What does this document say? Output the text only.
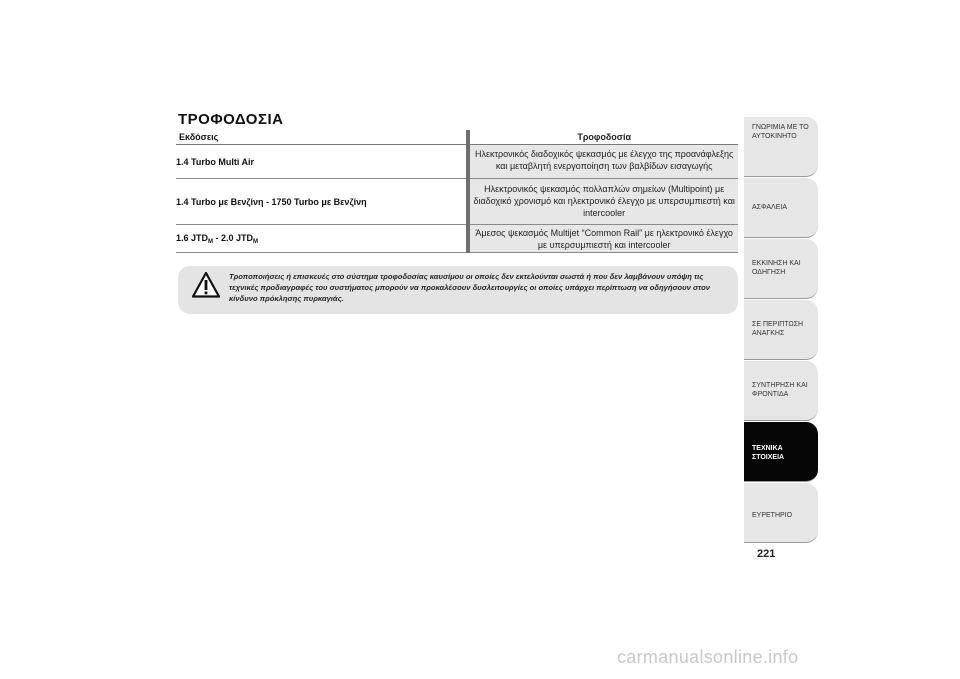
ΤΡΟΦΟΔΟΣΙΑ
Εκδόσεις	Τροφοδοσία
1.4 Turbo Multi Air	Ηλεκτρονικός διαδοχικός ψεκασμός με έλεγχο της προανάφλεξης και μεταβλητή ενεργοποίηση των βαλβίδων εισαγωγής
1.4 Turbo με Βενζίνη - 1750 Turbo με Βενζίνη	Ηλεκτρονικός ψεκασμός πολλαπλών σημείων (Multipoint) με διαδοχικό χρονισμό και ηλεκτρονικό έλεγχο με υπερσυμπιεστή και intercooler
1.6 $JTD_M - 2.0$ $JTD_M$	Άμεσος ψεκασμός Multijet “Common Rail” με ηλεκτρονικό έλεγχο με υπερσυμπιεστή και intercooler
Τροποποιήσεις ή επισκευές στο σύστημα τροφοδοσίας καυσίμου οι οποίες δεν εκτελούνται σωστά ή που δεν λαμβάνουν υπόψη τις τεχνικές προδιαγραφές του συστήματος μπορούν να προκαλέσουν δυσλειτουργίες οι οποίες υπάρχει περίπτωση να οδηγήσουν στον κίνδυνο πρόκλησης πυρκαγιάς.
ΓΝΩΡΙΜΙΑ ΜΕ ΤΟ ΑΥΤΟΚΙΝΗΤΟ
ΑΣΦΑΛΕΙΑ
ΕΚΚΙΝΗΣΗ ΚΑΙ ΟΔΗΓΗΣΗ
ΣΕ ΠΕΡΙΠΤΩΣΗ ΑΝΑΓΚΗΣ
ΣΥΝΤΗΡΗΣΗ ΚΑΙ ΦΡΟΝΤΙΔΑ
ΤΕΧΝΙΚΑ ΣΤΟΙΧΕΙΑ
ΕΥΡΕΤΗΡΙΟ
221
carmanualsonline.info
